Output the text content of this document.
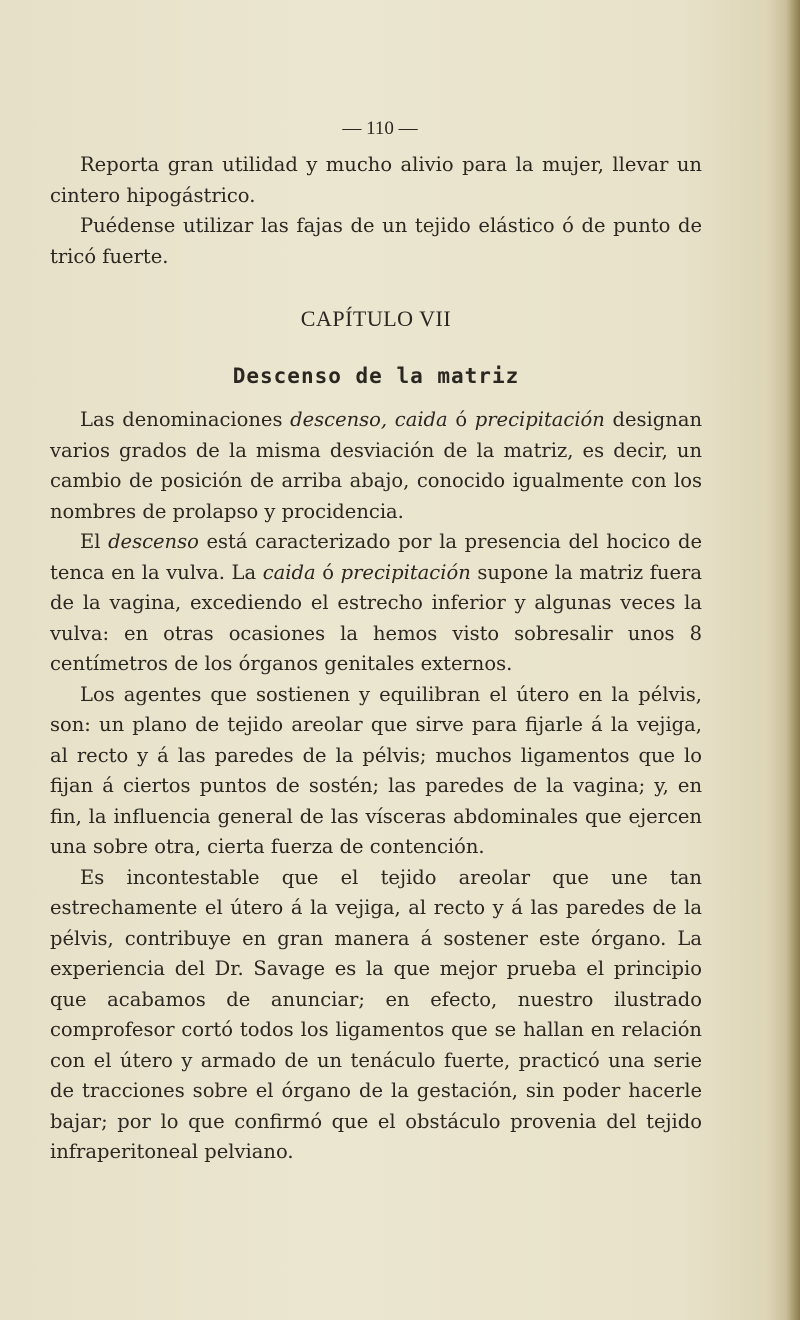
— 110 —

Reporta gran utilidad y mucho alivio para la mujer, llevar un cintero hipogástrico.

Puédense utilizar las fajas de un tejido elástico ó de punto de tricó fuerte.

CAPÍTULO VII
Descenso de la matriz

Las denominaciones descenso, caida ó precipitación designan varios grados de la misma desviación de la matriz, es decir, un cambio de posición de arriba abajo, conocido igualmente con los nombres de prolapso y procidencia.

El descenso está caracterizado por la presencia del hocico de tenca en la vulva. La caida ó precipitación supone la matriz fuera de la vagina, excediendo el estrecho inferior y algunas veces la vulva: en otras ocasiones la hemos visto sobresalir unos 8 centímetros de los órganos genitales externos.

Los agentes que sostienen y equilibran el útero en la pélvis, son: un plano de tejido areolar que sirve para fijarle á la vejiga, al recto y á las paredes de la pélvis; muchos ligamentos que lo fijan á ciertos puntos de sostén; las paredes de la vagina; y, en fin, la influencia general de las vísceras abdominales que ejercen una sobre otra, cierta fuerza de contención.

Es incontestable que el tejido areolar que une tan estrechamente el útero á la vejiga, al recto y á las paredes de la pélvis, contribuye en gran manera á sostener este órgano. La experiencia del Dr. Savage es la que mejor prueba el principio que acabamos de anunciar; en efecto, nuestro ilustrado comprofesor cortó todos los ligamentos que se hallan en relación con el útero y armado de un tenáculo fuerte, practicó una serie de tracciones sobre el órgano de la gestación, sin poder hacerle bajar; por lo que confirmó que el obstáculo provenia del tejido infraperitoneal pelviano.
